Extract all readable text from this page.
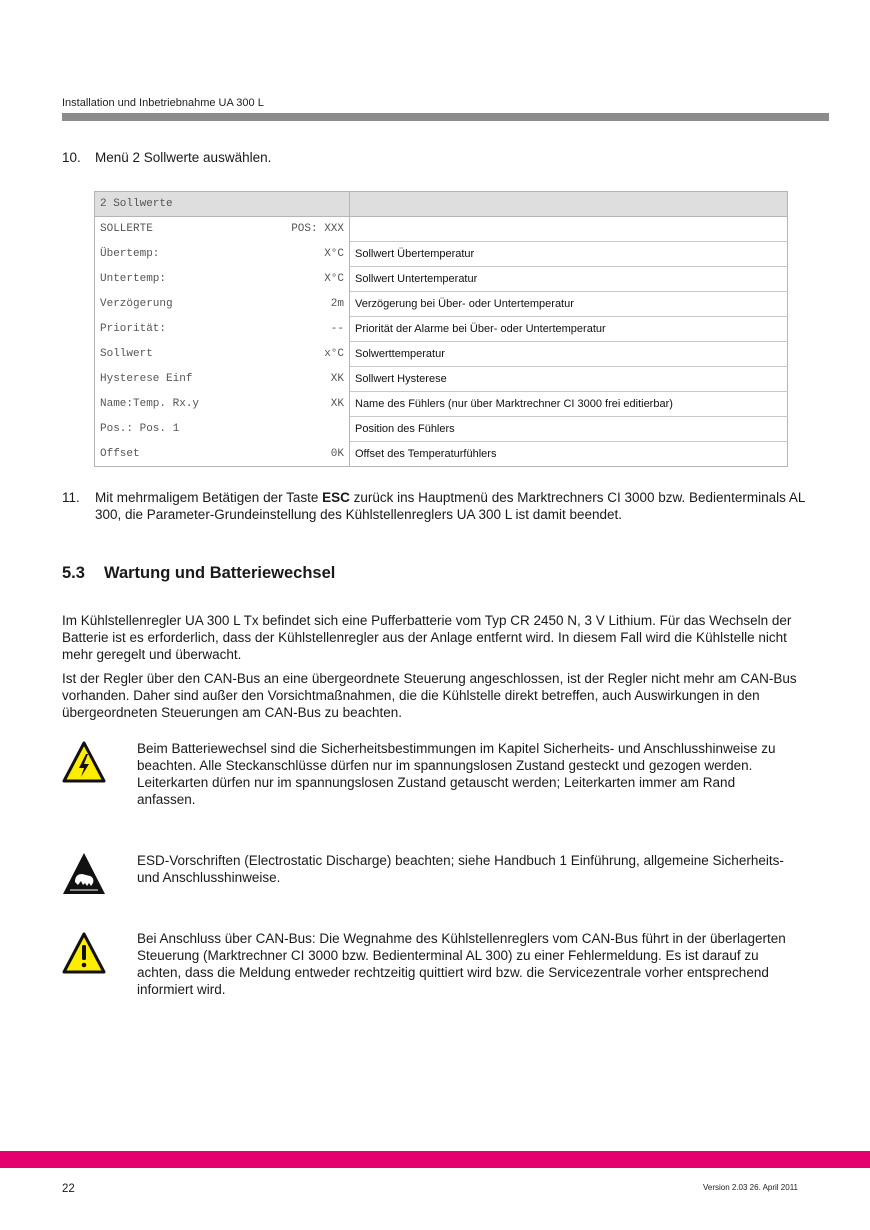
Installation und Inbetriebnahme UA 300 L
10. Menü 2 Sollwerte auswählen.
2 Sollwerte		
SOLLERTE	POS: XXX	
Übertemp:	X°C	Sollwert Übertemperatur
Untertemp:	X°C	Sollwert Untertemperatur
Verzögerung	2m	Verzögerung bei Über- oder Untertemperatur
Priorität:	--	Priorität der Alarme bei Über- oder Untertemperatur
Sollwert	x°C	Solwerttemperatur
Hysterese Einf	XK	Sollwert Hysterese
Name:Temp. Rx.y	XK	Name des Fühlers (nur über Marktrechner CI 3000 frei editierbar)
Pos.: Pos. 1		Position des Fühlers
Offset	0K	Offset des Temperaturfühlers
11. Mit mehrmaligem Betätigen der Taste ESC zurück ins Hauptmenü des Marktrechners CI 3000 bzw. Bedienterminals AL 300, die Parameter-Grundeinstellung des Kühlstellenreglers UA 300 L ist damit beendet.
5.3 Wartung und Batteriewechsel

Im Kühlstellenregler UA 300 L Tx befindet sich eine Pufferbatterie vom Typ CR 2450 N, 3 V Lithium. Für das Wechseln der Batterie ist es erforderlich, dass der Kühlstellenregler aus der Anlage entfernt wird. In diesem Fall wird die Kühlstelle nicht mehr geregelt und überwacht.

Ist der Regler über den CAN-Bus an eine übergeordnete Steuerung angeschlossen, ist der Regler nicht mehr am CAN-Bus vorhanden. Daher sind außer den Vorsichtmaßnahmen, die die Kühlstelle direkt betreffen, auch Auswirkungen in den übergeordneten Steuerungen am CAN-Bus zu beachten.

Beim Batteriewechsel sind die Sicherheitsbestimmungen im Kapitel Sicherheits- und Anschlusshinweise zu beachten. Alle Steckanschlüsse dürfen nur im spannungslosen Zustand gesteckt und gezogen werden. Leiterkarten dürfen nur im spannungslosen Zustand getauscht werden; Leiterkarten immer am Rand anfassen.

ESD-Vorschriften (Electrostatic Discharge) beachten; siehe Handbuch 1 Einführung, allgemeine Sicherheits- und Anschlusshinweise.

Bei Anschluss über CAN-Bus: Die Wegnahme des Kühlstellenreglers vom CAN-Bus führt in der überlagerten Steuerung (Marktrechner CI 3000 bzw. Bedienterminal AL 300) zu einer Fehlermeldung. Es ist darauf zu achten, dass die Meldung entweder rechtzeitig quittiert wird bzw. die Servicezentrale vorher entsprechend informiert wird.

22	Version 2.03 26. April 2011
